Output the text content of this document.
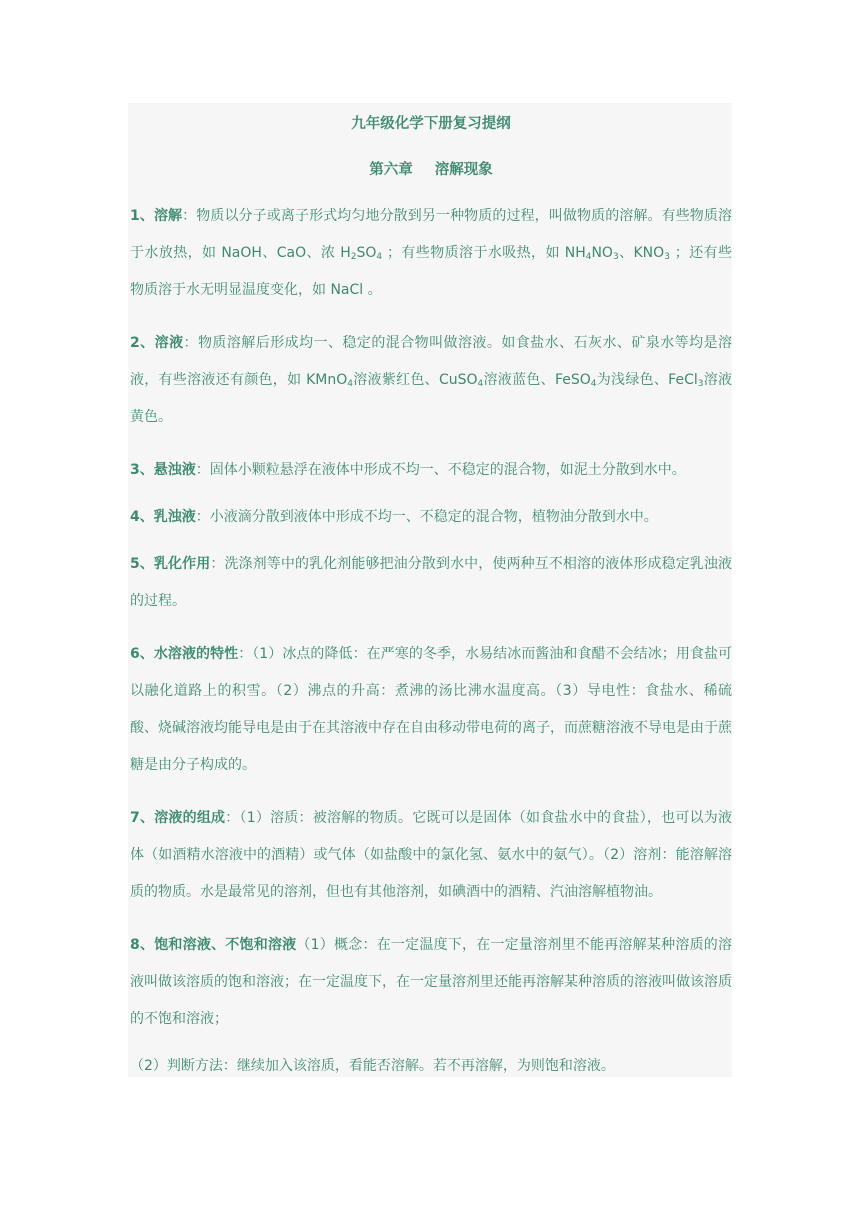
九年级化学下册复习提纲
第六章 溶解现象

1、溶解：物质以分子或离子形式均匀地分散到另一种物质的过程，叫做物质的溶解。有些物质溶于水放热，如 NaOH、CaO、浓 $H_2SO_4$ ；有些物质溶于水吸热，如 $NH_4NO_3$、$KNO_3$ ；还有些物质溶于水无明显温度变化，如 NaCl 。

2、溶液：物质溶解后形成均一、稳定的混合物叫做溶液。如食盐水、石灰水、矿泉水等均是溶液，有些溶液还有颜色，如 KMnO$_4$溶液紫红色、CuSO$_4$溶液蓝色、FeSO$_4$为浅绿色、FeCl$_3$溶液黄色。

3、悬浊液：固体小颗粒悬浮在液体中形成不均一、不稳定的混合物，如泥土分散到水中。

4、乳浊液：小液滴分散到液体中形成不均一、不稳定的混合物，植物油分散到水中。

5、乳化作用：洗涤剂等中的乳化剂能够把油分散到水中，使两种互不相溶的液体形成稳定乳浊液的过程。

6、水溶液的特性：（1）冰点的降低：在严寒的冬季，水易结冰而酱油和食醋不会结冰；用食盐可以融化道路上的积雪。（2）沸点的升高：煮沸的汤比沸水温度高。（3）导电性：食盐水、稀硫酸、烧碱溶液均能导电是由于在其溶液中存在自由移动带电荷的离子，而蔗糖溶液不导电是由于蔗糖是由分子构成的。

7、溶液的组成：（1）溶质：被溶解的物质。它既可以是固体（如食盐水中的食盐），也可以为液体（如酒精水溶液中的酒精）或气体（如盐酸中的氯化氢、氨水中的氨气）。（2）溶剂：能溶解溶质的物质。水是最常见的溶剂，但也有其他溶剂，如碘酒中的酒精、汽油溶解植物油。

8、饱和溶液、不饱和溶液（1）概念：在一定温度下，在一定量溶剂里不能再溶解某种溶质的溶液叫做该溶质的饱和溶液；在一定温度下，在一定量溶剂里还能再溶解某种溶质的溶液叫做该溶质的不饱和溶液；

（2）判断方法：继续加入该溶质，看能否溶解。若不再溶解，为则饱和溶液。
